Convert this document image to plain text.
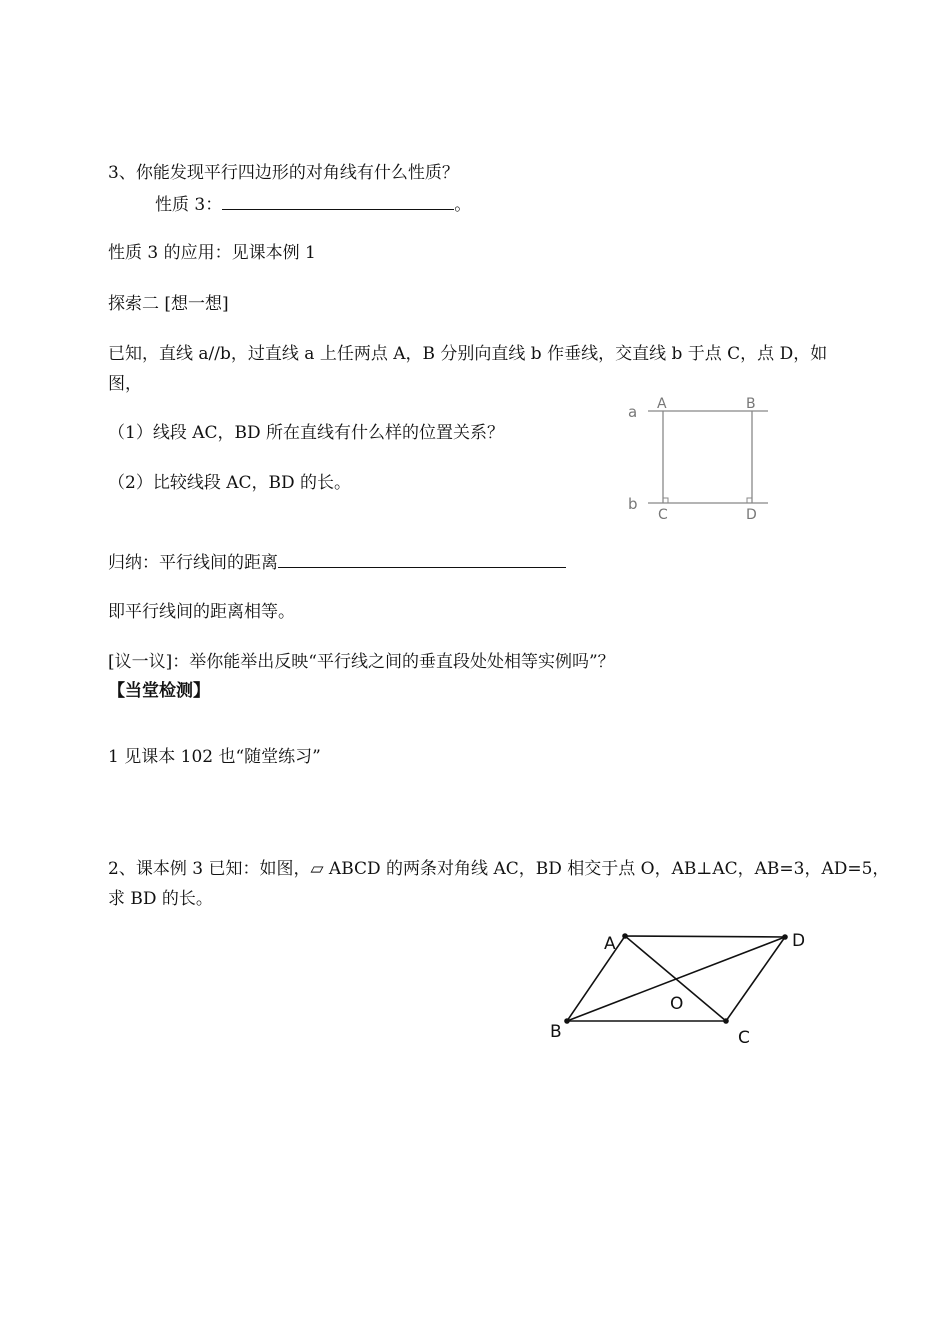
3、你能发现平行四边形的对角线有什么性质？
性质 3：	。
性质 3 的应用：见课本例 1
探索二 [想一想]
已知，直线 a//b，过直线 a 上任两点 A，B 分别向直线 b 作垂线，交直线 b 于点 C，点 D，如
图，
（1）线段 AC，BD 所在直线有什么样的位置关系？
（2）比较线段 AC，BD 的长。
a
b
A	B
C	D
归纳：平行线间的距离
即平行线间的距离相等。
[议一议]：举你能举出反映“平行线之间的垂直段处处相等实例吗”？
【当堂检测】
1 见课本 102 也“随堂练习”
2、课本例 3 已知：如图，▱ ABCD 的两条对角线 AC，BD 相交于点 O，AB⊥AC，AB=3，AD=5，
求 BD 的长。
A	D
B	C
O
